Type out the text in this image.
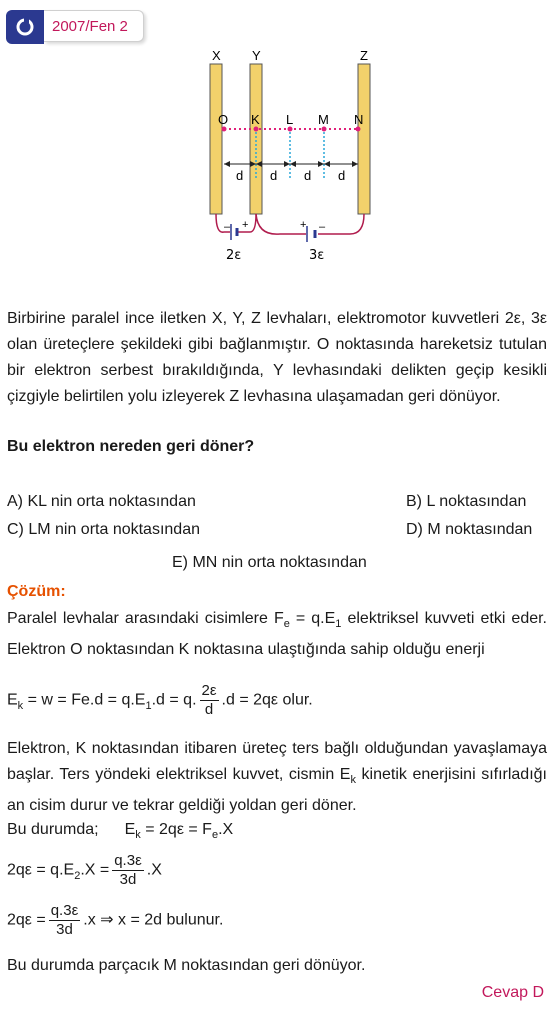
2007/Fen 2
X Y	Z
O K L M N
d d d d
– +	+ –
2ε	3ε
Birbirine paralel ince iletken X, Y, Z levhaları, elektromotor kuvvetleri 2ε, 3ε olan üreteçlere şekildeki gibi bağlanmıştır. O noktasında hareketsiz tutulan bir elektron serbest bırakıldığında, Y levhasındaki delikten geçip kesikli çizgiyle belirtilen yolu izleyerek Z levhasına ulaşamadan geri dönüyor.
Bu elektron nereden geri döner?
A) KL nin orta noktasından	B) L noktasından
C) LM nin orta noktasından	D) M noktasından
E) MN nin orta noktasından
Çözüm:
Paralel levhalar arasındaki cisimlere $F_e = q.E_1$ elektriksel kuvveti etki eder. Elektron O noktasından K noktasına ulaştığında sahip olduğu enerji
$E_k = w = Fe.d = q.E_1.d = q$. $\frac{2\varepsilon}{d} .d = 2q\varepsilon$ olur.
Elektron, K noktasından itibaren üreteç ters bağlı olduğundan yavaşlamaya başlar. Ters yöndeki elektriksel kuvvet, cismin $E_k$ kinetik enerjisini sıfırladığı an cisim durur ve tekrar geldiği yoldan geri döner.
Bu durumda; $E_k = 2q\varepsilon = F_e.X$
$2q\varepsilon = q.E_2.X = \frac{q.3\varepsilon}{3d} .X$
$2q\varepsilon = \frac{q.3\varepsilon}{3d} .x$ ⇒ x = 2d bulunur.
Bu durumda parçacık M noktasından geri dönüyor.
Cevap D
